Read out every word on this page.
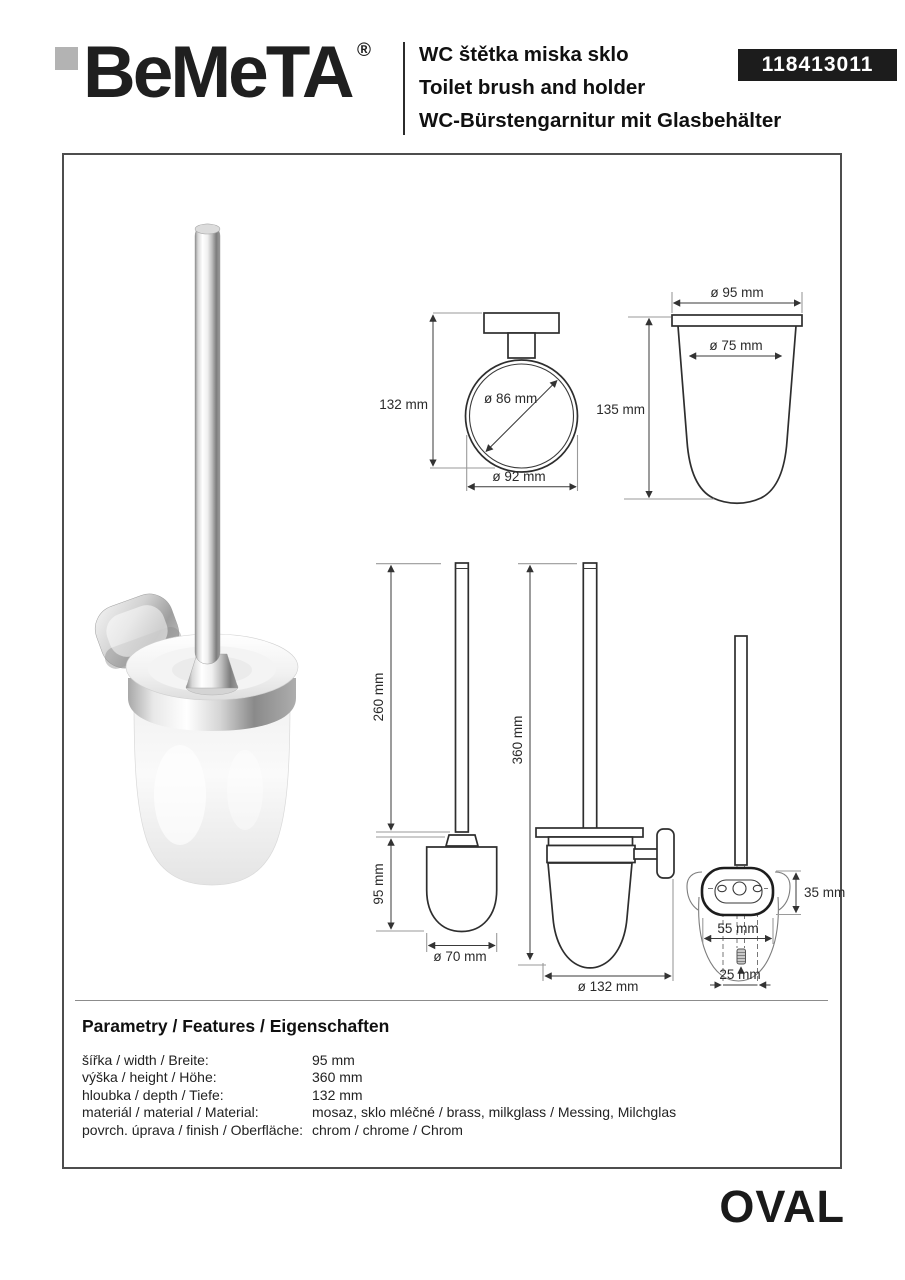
BeMeTA ® WC štětka miska sklo
Toilet brush and holder
WC-Bürstengarnitur mit Glasbehälter
118413011
132 mm	ø 86 mm
ø 92 mm
ø 95 mm
ø 75 mm
135 mm
260 mm
95 mm
ø 70 mm
360 mm
ø 132 mm
35 mm
55 mm
25 mm
Parametry / Features / Eigenschaften
šířka / width / Breite:	95 mm
výška / height / Höhe:	360 mm
hloubka / depth / Tiefe:	132 mm
materiál / material / Material:	mosaz, sklo mléčné / brass, milkglass / Messing, Milchglas
povrch. úprava / finish / Oberfläche: chrom / chrome / Chrom
OVAL
